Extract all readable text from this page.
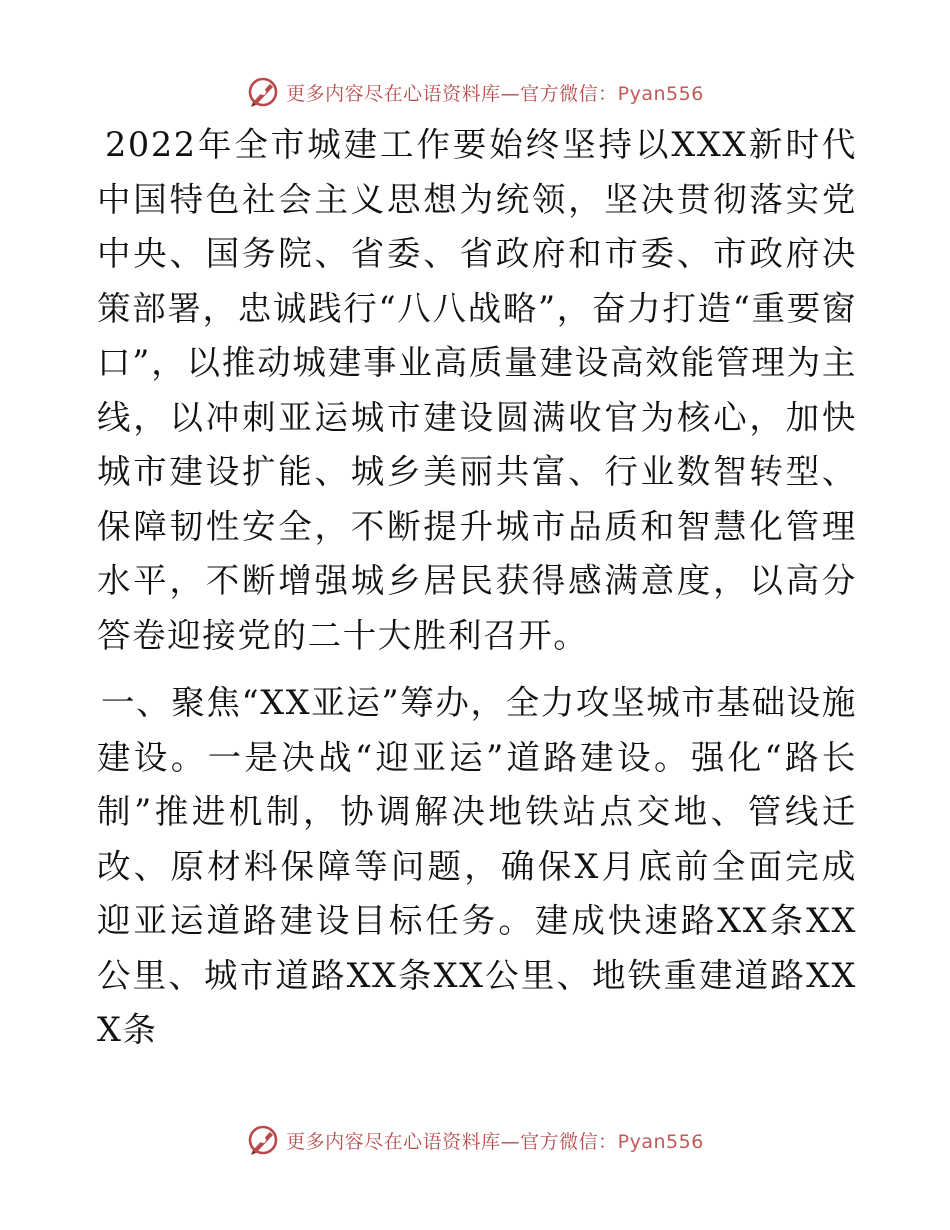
更多内容尽在心语资料库—官方微信：Pyan556

2022年全市城建工作要始终坚持以XXX新时代中国特色社会主义思想为统领，坚决贯彻落实党中央、国务院、省委、省政府和市委、市政府决策部署，忠诚践行“八八战略”，奋力打造“重要窗口”，以推动城建事业高质量建设高效能管理为主线，以冲刺亚运城市建设圆满收官为核心，加快城市建设扩能、城乡美丽共富、行业数智转型、保障韧性安全，不断提升城市品质和智慧化管理水平，不断增强城乡居民获得感满意度，以高分答卷迎接党的二十大胜利召开。

一、聚焦“XX亚运”筹办，全力攻坚城市基础设施建设。一是决战“迎亚运”道路建设。强化“路长制”推进机制，协调解决地铁站点交地、管线迁改、原材料保障等问题，确保X月底前全面完成迎亚运道路建设目标任务。建成快速路XX条XX公里、城市道路XX条XX公里、地铁重建道路XXX条

更多内容尽在心语资料库—官方微信：Pyan556
